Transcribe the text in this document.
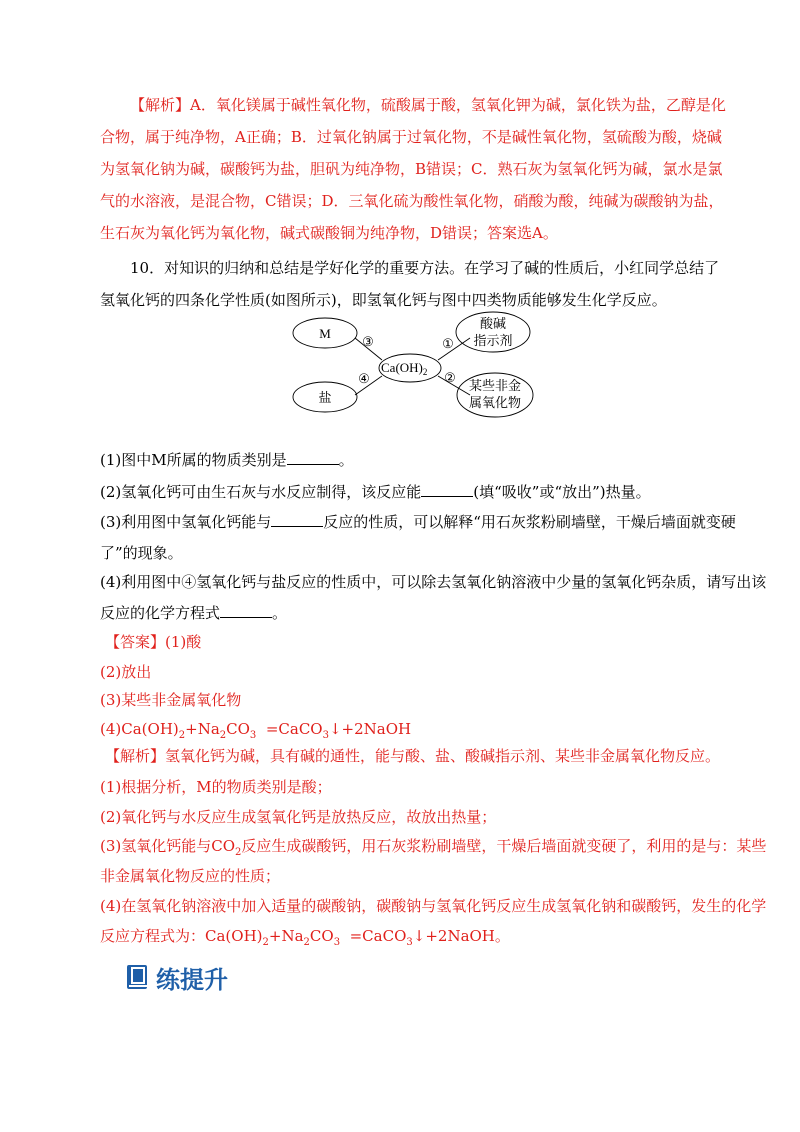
【解析】A．氧化镁属于碱性氧化物，硫酸属于酸，氢氧化钾为碱，氯化铁为盐，乙醇是化合物，属于纯净物，A正确；B．过氧化钠属于过氧化物，不是碱性氧化物，氢硫酸为酸，烧碱为氢氧化钠为碱，碳酸钙为盐，胆矾为纯净物，B错误；C．熟石灰为氢氧化钙为碱，氯水是氯气的水溶液，是混合物，C错误；D．三氧化硫为酸性氧化物，硝酸为酸，纯碱为碳酸钠为盐，生石灰为氧化钙为氧化物，碱式碳酸铜为纯净物，D错误；答案选A。

10．对知识的归纳和总结是学好化学的重要方法。在学习了碱的性质后，小红同学总结了氢氧化钙的四条化学性质(如图所示)，即氢氧化钙与图中四类物质能够发生化学反应。

M
盐
酸碱
指示剂
某些非金
属氧化物
$Ca(OH)_2$
③
④
①
②

(1)图中M所属的物质类别是	。

(2)氢氧化钙可由生石灰与水反应制得，该反应能	(填“吸收”或“放出”)热量。

(3)利用图中氢氧化钙能与	反应的性质，可以解释“用石灰浆粉刷墙壁，干燥后墙面就变硬

了”的现象。

(4)利用图中④氢氧化钙与盐反应的性质中，可以除去氢氧化钠溶液中少量的氢氧化钙杂质，请写出该

反应的化学方程式	。

【答案】(1)酸

(2)放出

(3)某些非金属氧化物

$(4)Ca(OH)_2+Na_2CO_3$  =CaCO$_3$↓+2NaOH

【解析】氢氧化钙为碱，具有碱的通性，能与酸、盐、酸碱指示剂、某些非金属氧化物反应。

(1)根据分析，M的物质类别是酸；

(2)氧化钙与水反应生成氢氧化钙是放热反应，故放出热量；

(3)氢氧化钙能与$CO_2$反应生成碳酸钙，用石灰浆粉刷墙壁，干燥后墙面就变硬了，利用的是与：某些

非金属氧化物反应的性质；

(4)在氢氧化钠溶液中加入适量的碳酸钠，碳酸钠与氢氧化钙反应生成氢氧化钠和碳酸钙，发生的化学

反应方程式为：$Ca(OH)_2+Na_2CO_3$  =CaCO$_3$↓+2NaOH。

练提升
